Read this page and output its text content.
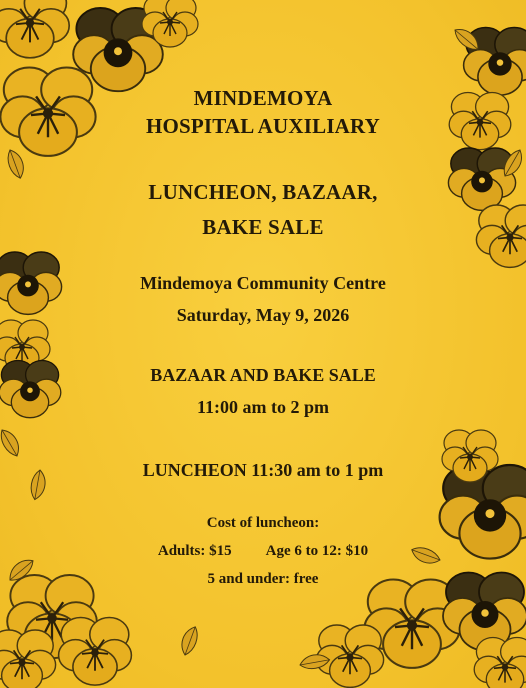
MINDEMOYA
HOSPITAL AUXILIARY
LUNCHEON, BAZAAR,
BAKE SALE
Mindemoya Community Centre
Saturday, May 9, 2026
BAZAAR AND BAKE SALE
11:00 am to 2 pm
LUNCHEON 11:30 am to 1 pm
Cost of luncheon:
Adults: $15 Age 6 to 12: $10
5 and under: free
